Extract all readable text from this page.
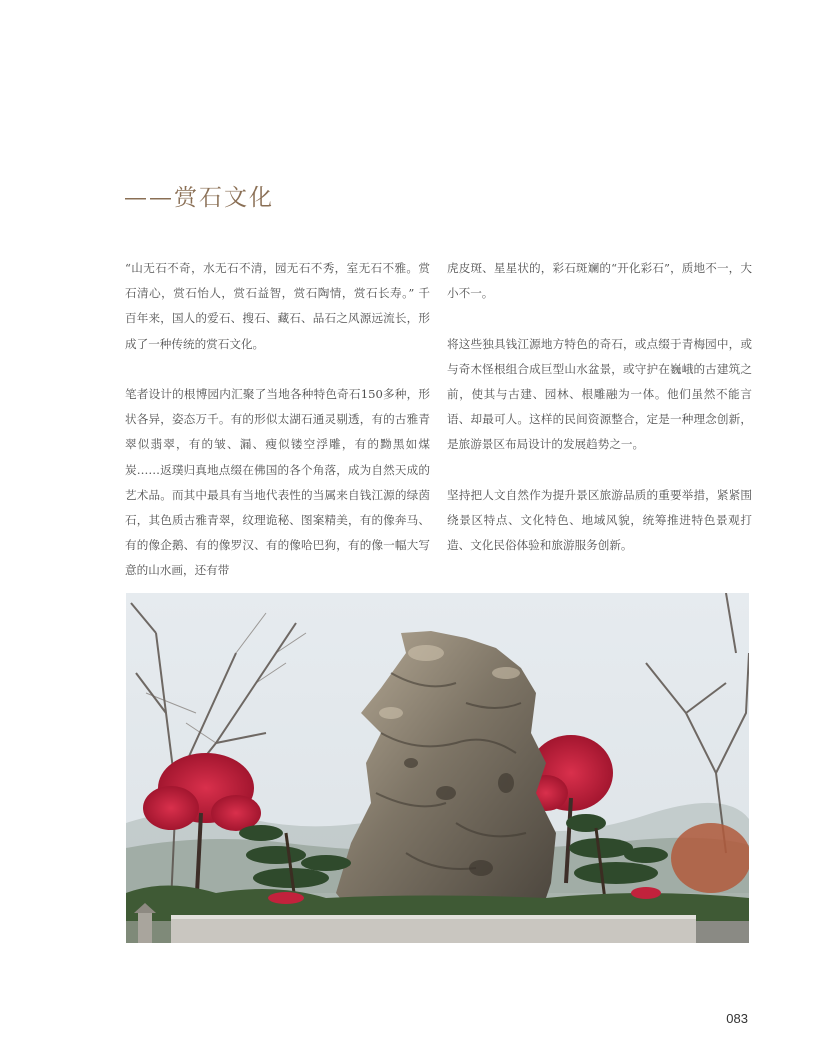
——赏石文化

“山无石不奇，水无石不清，园无石不秀，室无石不雅。赏石清心，赏石怡人，赏石益智，赏石陶情，赏石长寿。” 千百年来，国人的爱石、搜石、藏石、品石之风源远流长，形成了一种传统的赏石文化。

笔者设计的根博园内汇聚了当地各种特色奇石150多种，形状各异，姿态万千。有的形似太湖石通灵剔透，有的古雅青翠似翡翠，有的皱、漏、瘦似镂空浮雕，有的黝黑如煤炭……返璞归真地点缀在佛国的各个角落，成为自然天成的艺术品。而其中最具有当地代表性的当属来自钱江源的绿茵石，其色质古雅青翠，纹理诡秘、图案精美，有的像奔马、有的像企鹅、有的像罗汉、有的像哈巴狗，有的像一幅大写意的山水画，还有带

虎皮斑、星星状的，彩石斑斓的“开化彩石”，质地不一，大小不一。

将这些独具钱江源地方特色的奇石，或点缀于青梅园中，或与奇木怪根组合成巨型山水盆景，或守护在巍峨的古建筑之前，使其与古建、园林、根雕融为一体。他们虽然不能言语、却最可人。这样的民间资源整合，定是一种理念创新，是旅游景区布局设计的发展趋势之一。

坚持把人文自然作为提升景区旅游品质的重要举措，紧紧围绕景区特点、文化特色、地域风貌，统筹推进特色景观打造、文化民俗体验和旅游服务创新。

083
